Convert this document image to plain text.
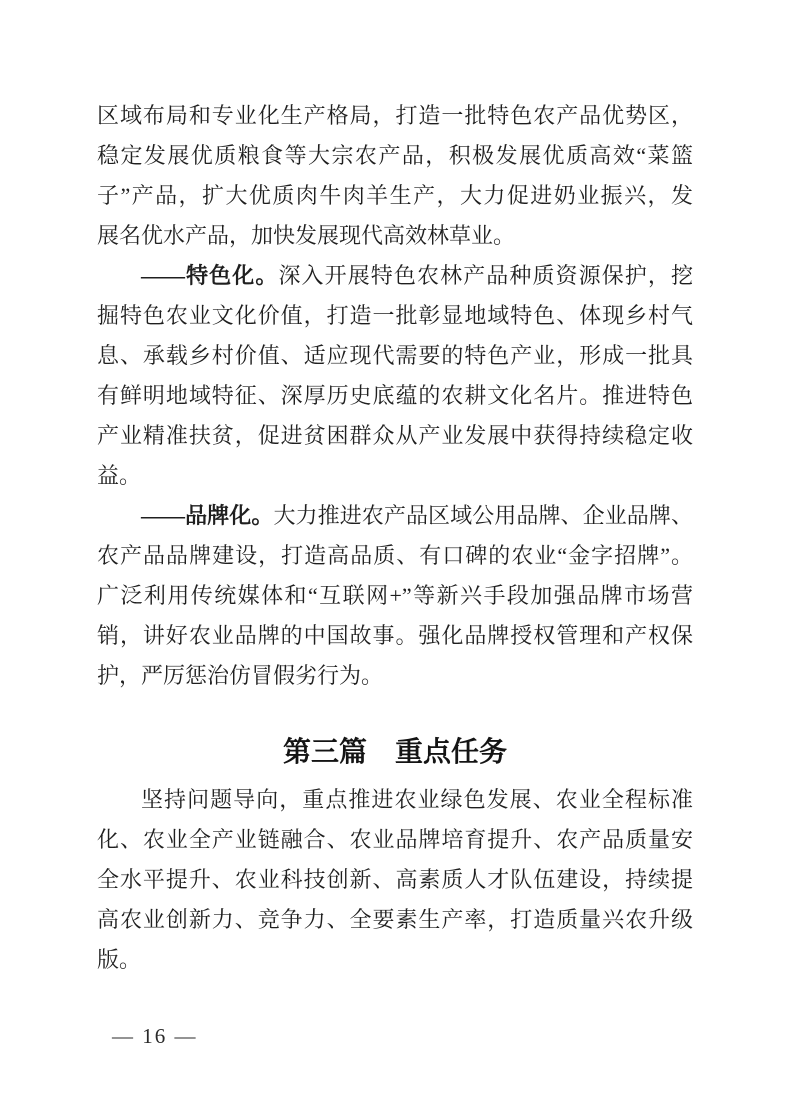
区域布局和专业化生产格局，打造一批特色农产品优势区，
稳定发展优质粮食等大宗农产品，积极发展优质高效“菜篮
子”产品，扩大优质肉牛肉羊生产，大力促进奶业振兴，发
展名优水产品，加快发展现代高效林草业。
——特色化。深入开展特色农林产品种质资源保护，挖
掘特色农业文化价值，打造一批彰显地域特色、体现乡村气
息、承载乡村价值、适应现代需要的特色产业，形成一批具
有鲜明地域特征、深厚历史底蕴的农耕文化名片。推进特色
产业精准扶贫，促进贫困群众从产业发展中获得持续稳定收
益。
——品牌化。大力推进农产品区域公用品牌、企业品牌、
农产品品牌建设，打造高品质、有口碑的农业“金字招牌”。
广泛利用传统媒体和“互联网+”等新兴手段加强品牌市场营
销，讲好农业品牌的中国故事。强化品牌授权管理和产权保
护，严厉惩治仿冒假劣行为。
第三篇　重点任务
坚持问题导向，重点推进农业绿色发展、农业全程标准
化、农业全产业链融合、农业品牌培育提升、农产品质量安
全水平提升、农业科技创新、高素质人才队伍建设，持续提
高农业创新力、竞争力、全要素生产率，打造质量兴农升级
版。
— 16 —
